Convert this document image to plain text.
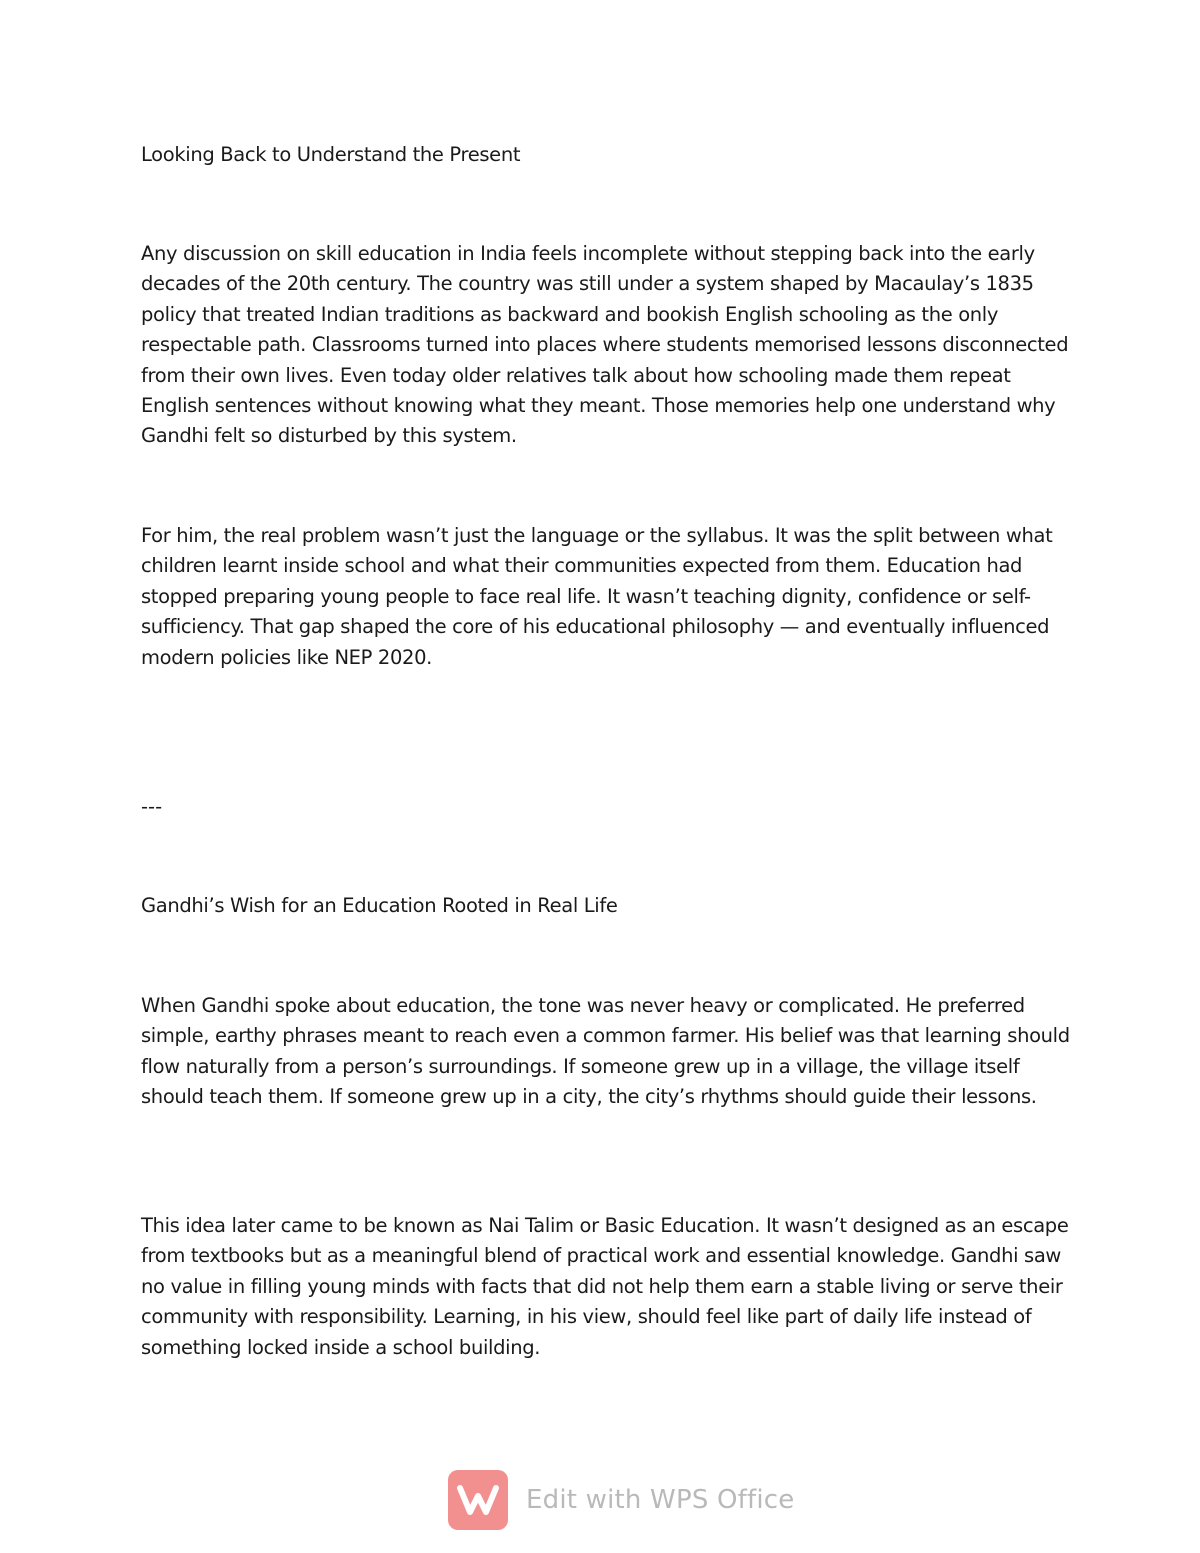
Looking Back to Understand the Present

Any discussion on skill education in India feels incomplete without stepping back into the early decades of the 20th century. The country was still under a system shaped by Macaulay’s 1835 policy that treated Indian traditions as backward and bookish English schooling as the only respectable path. Classrooms turned into places where students memorised lessons disconnected from their own lives. Even today older relatives talk about how schooling made them repeat English sentences without knowing what they meant. Those memories help one understand why Gandhi felt so disturbed by this system.

For him, the real problem wasn’t just the language or the syllabus. It was the split between what children learnt inside school and what their communities expected from them. Education had stopped preparing young people to face real life. It wasn’t teaching dignity, confidence or self-sufficiency. That gap shaped the core of his educational philosophy — and eventually influenced modern policies like NEP 2020.

---

Gandhi’s Wish for an Education Rooted in Real Life

When Gandhi spoke about education, the tone was never heavy or complicated. He preferred simple, earthy phrases meant to reach even a common farmer. His belief was that learning should flow naturally from a person’s surroundings. If someone grew up in a village, the village itself should teach them. If someone grew up in a city, the city’s rhythms should guide their lessons.

This idea later came to be known as Nai Talim or Basic Education. It wasn’t designed as an escape from textbooks but as a meaningful blend of practical work and essential knowledge. Gandhi saw no value in filling young minds with facts that did not help them earn a stable living or serve their community with responsibility. Learning, in his view, should feel like part of daily life instead of something locked inside a school building.

Edit with WPS Office
